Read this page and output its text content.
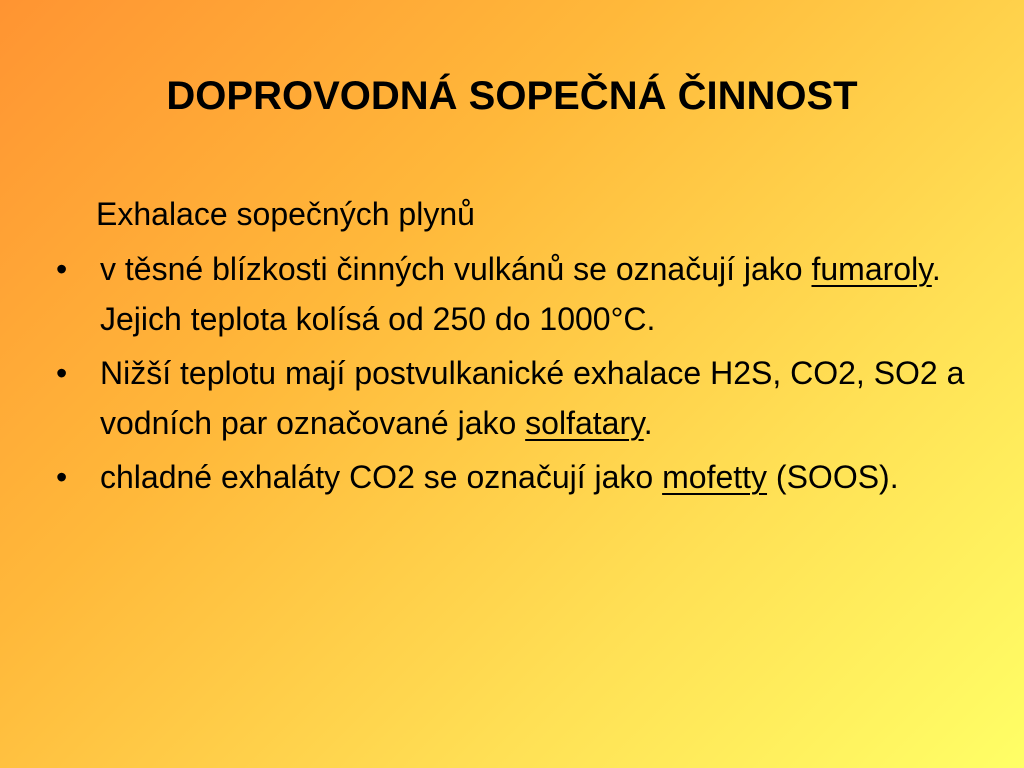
DOPROVODNÁ SOPEČNÁ ČINNOST
Exhalace sopečných plynů
•	v těsné blízkosti činných vulkánů se označují jako fumaroly. Jejich teplota kolísá od 250 do 1000°C.
•	Nižší teplotu mají postvulkanické exhalace H2S, CO2, SO2 a vodních par označované jako solfatary.
•	chladné exhaláty CO2 se označují jako mofetty (SOOS).
